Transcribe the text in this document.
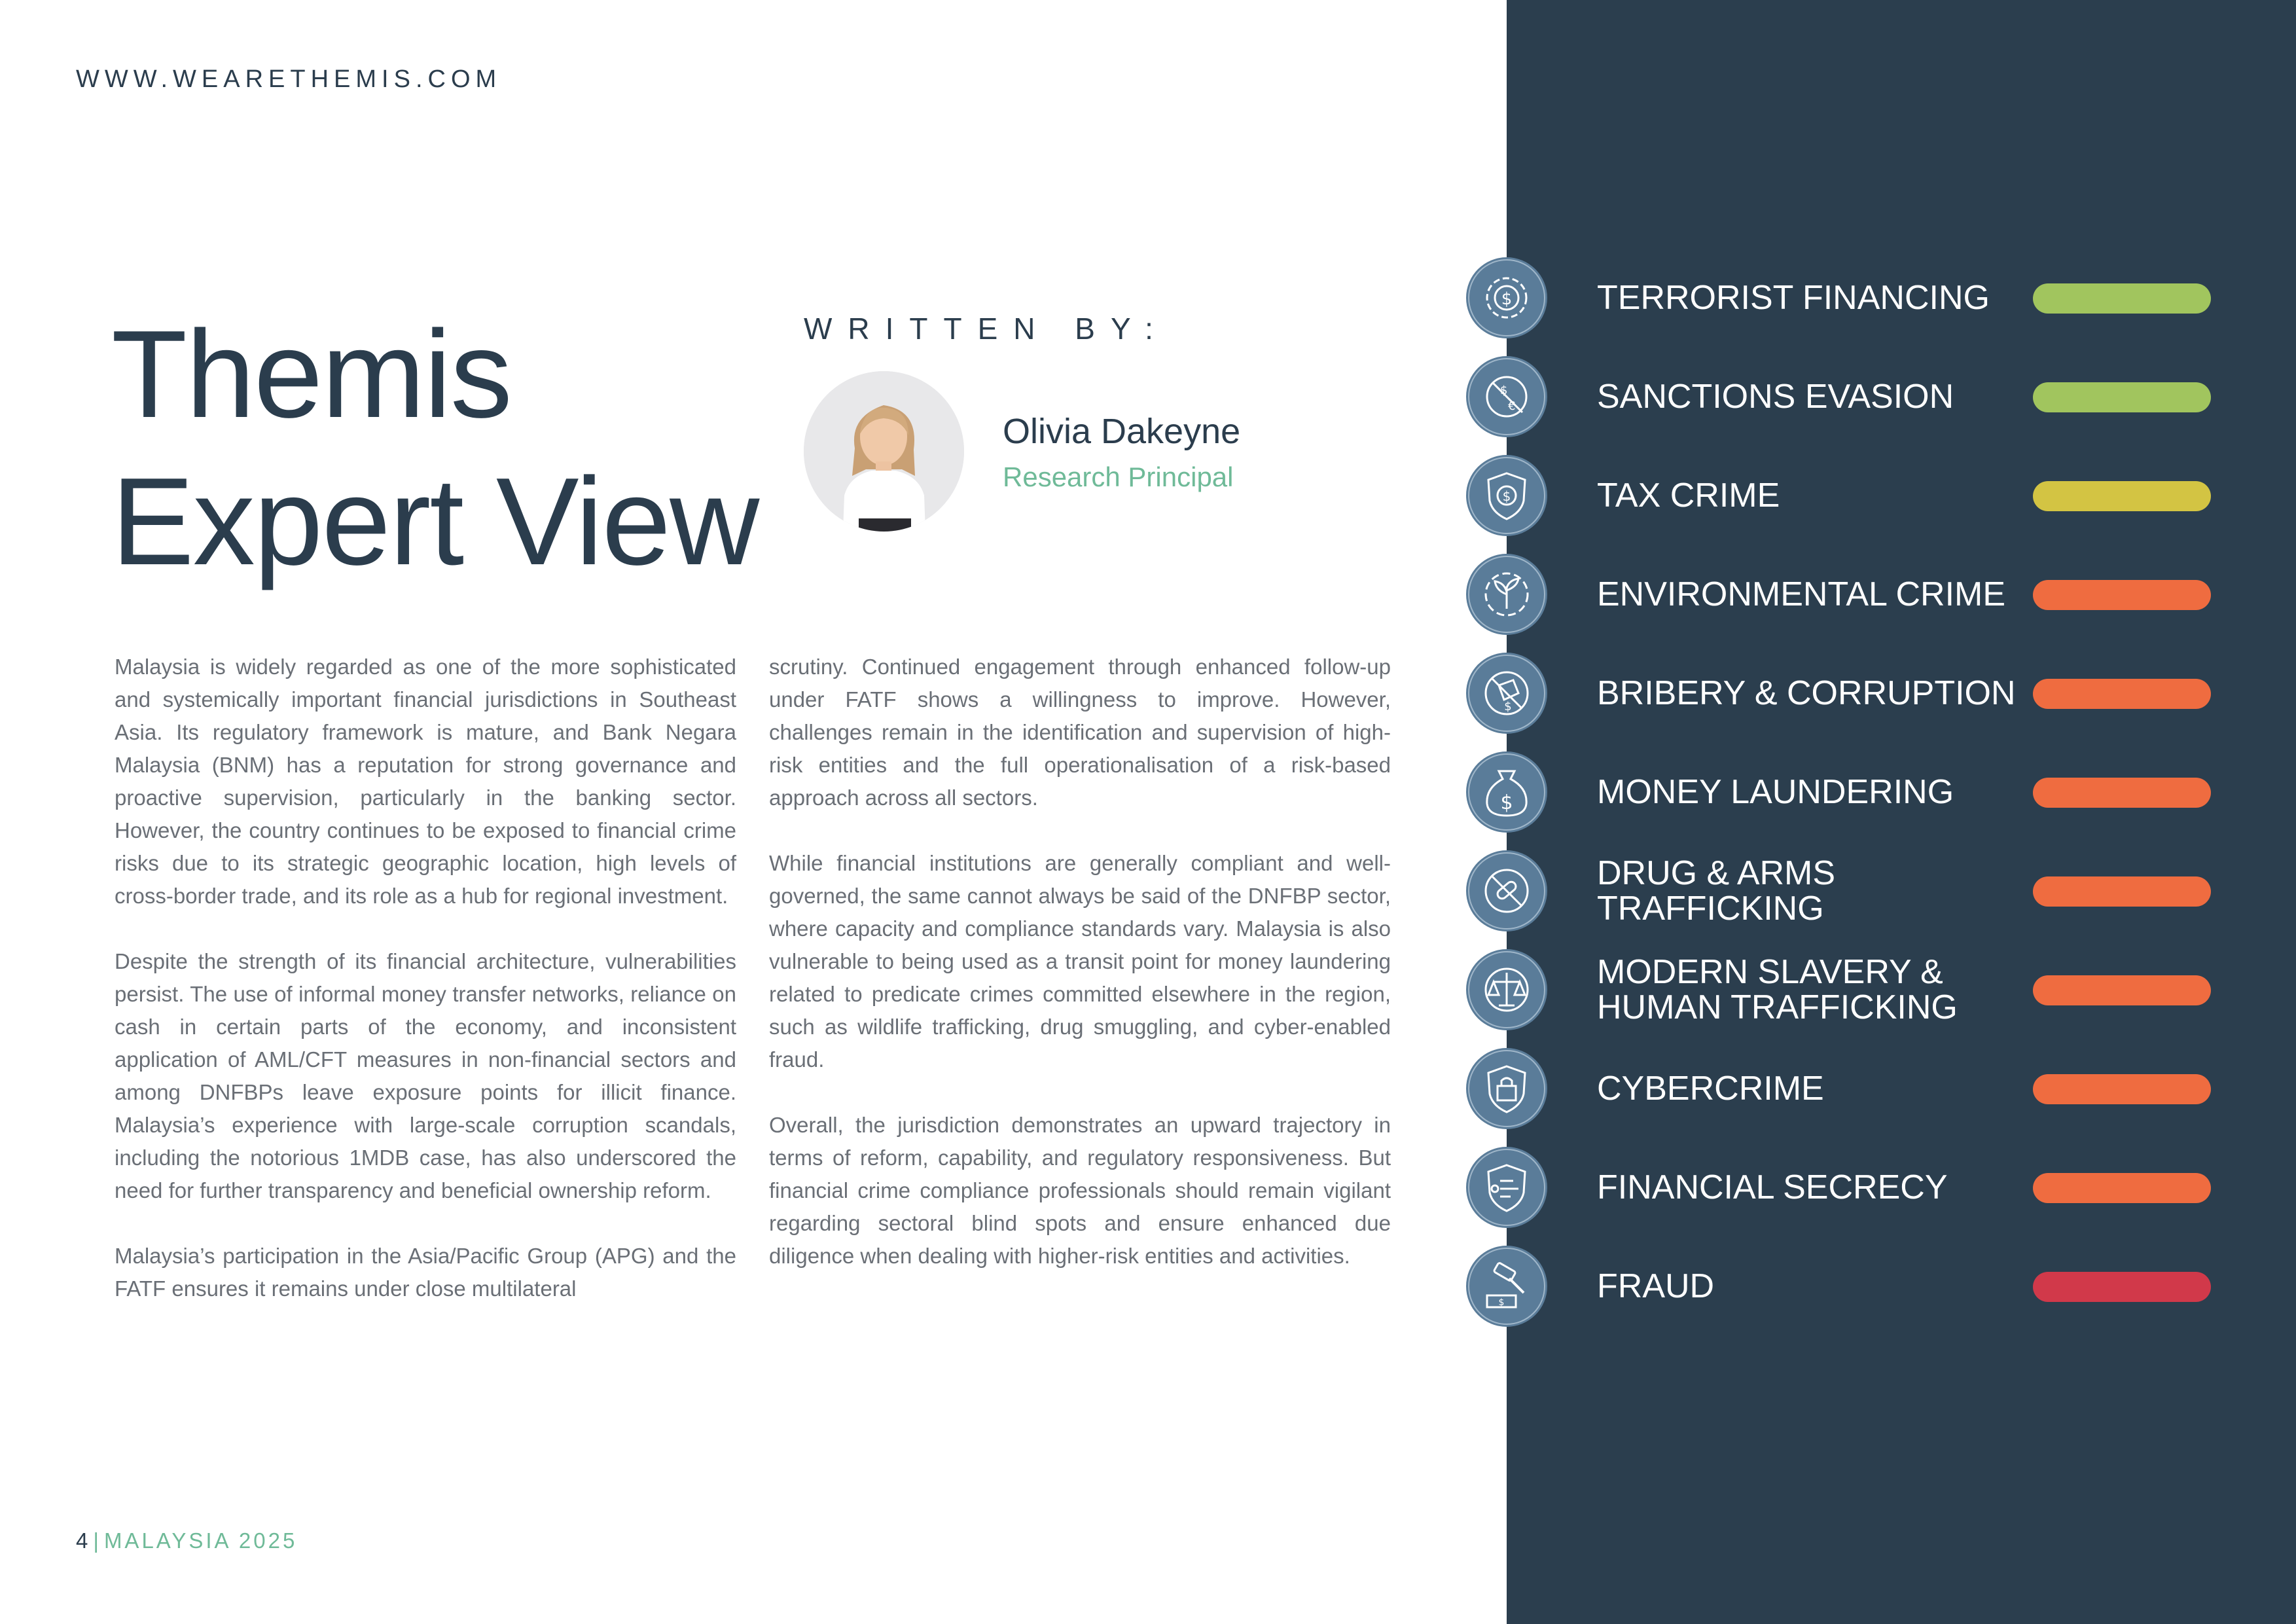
WWW.WEARETHEMIS.COM
Themis
Expert View
WRITTEN BY:
Olivia Dakeyne
Research Principal

Malaysia is widely regarded as one of the more sophisticated and systemically important financial jurisdictions in Southeast Asia. Its regulatory framework is mature, and Bank Negara Malaysia (BNM) has a reputation for strong governance and proactive supervision, particularly in the banking sector. However, the country continues to be exposed to financial crime risks due to its strategic geographic location, high levels of cross-border trade, and its role as a hub for regional investment.

Despite the strength of its financial architecture, vulnerabilities persist. The use of informal money transfer networks, reliance on cash in certain parts of the economy, and inconsistent application of AML/CFT measures in non-financial sectors and among DNFBPs leave exposure points for illicit finance. Malaysia’s experience with large-scale corruption scandals, including the notorious 1MDB case, has also underscored the need for further transparency and beneficial ownership reform.

Malaysia’s participation in the Asia/Pacific Group (APG) and the FATF ensures it remains under close multilateral

scrutiny. Continued engagement through enhanced follow-up under FATF shows a willingness to improve. However, challenges remain in the identification and supervision of high-risk entities and the full operationalisation of a risk-based approach across all sectors.

While financial institutions are generally compliant and well-governed, the same cannot always be said of the DNFBP sector, where capacity and compliance standards vary. Malaysia is also vulnerable to being used as a transit point for money laundering related to predicate crimes committed elsewhere in the region, such as wildlife trafficking, drug smuggling, and cyber-enabled fraud.

Overall, the jurisdiction demonstrates an upward trajectory in terms of reform, capability, and regulatory responsiveness. But financial crime compliance professionals should remain vigilant regarding sectoral blind spots and ensure enhanced due diligence when dealing with higher-risk entities and activities.

4 | MALAYSIA 2025
$ TERRORIST FINANCING
$
€ SANCTIONS EVASION
$	TAX CRIME
ENVIRONMENTAL CRIME
$	BRIBERY & CORRUPTION
$ MONEY LAUNDERING
DRUG & ARMS TRAFFICKING
MODERN SLAVERY & HUMAN TRAFFICKING
CYBERCRIME
FINANCIAL SECRECY
$	FRAUD
